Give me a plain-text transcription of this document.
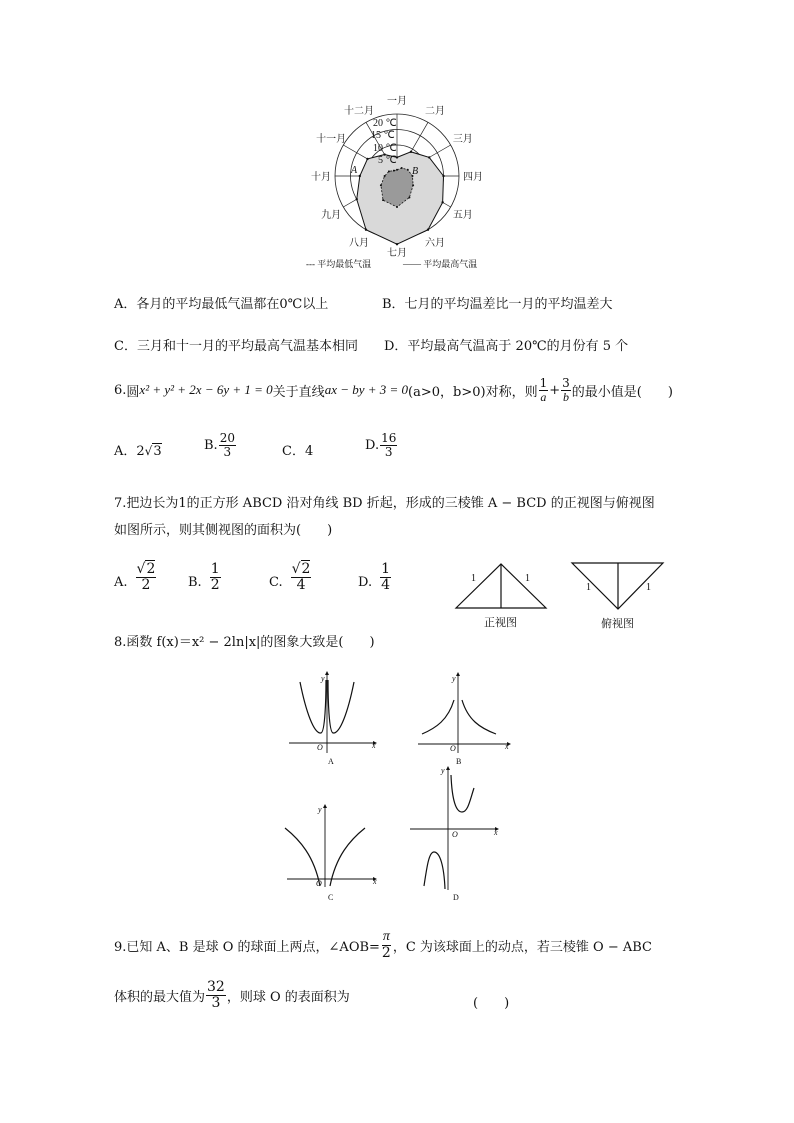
一月
二月
三月
四月
五月
六月
七月
八月
九月
十月
十一月
十二月
20 ℃
15 ℃
10 ℃
5 ℃
A	B
--- 平均最低气温	—— 平均最高气温
A．各月的平均最低气温都在0℃以上	B．七月的平均温差比一月的平均温差大
C．三月和十一月的平均最高气温基本相同 D．平均最高气温高于 20℃的月份有 5 个
6. 圆 x² + y² + 2x − 6y + 1 = 0 关于直线 ax − by + 3 = 0 (a>0，b>0) 对称，则 $\frac{1}{a} + \frac{3}{b}$ 的最小值是(　　)
A．2√3	B. $\frac{20}{3}$	C．4	D. $\frac{16}{3}$
7.把边长为1的正方形 ABCD 沿对角线 BD 折起，形成的三棱锥 A − BCD 的正视图与俯视图
如图所示，则其侧视图的面积为(　　)
A. $\frac{√2}{2} B$. $\frac{1}{2}$	C. $\frac{√2}{4}$	D. $\frac{1}{4}$	1	1
1	1
正视图	俯视图
8.函数 f(x)＝x² − 2ln|x|的图象大致是(　　)
y
x
O
A
y
x
O
B
y
x
O
C
y
x
O
D
9.已知 A、B 是球 O 的球面上两点，∠AOB= $\frac{\pi}{2}$ ，C 为该球面上的动点，若三棱锥 O − ABC
体积的最大值为 $\frac{32}{3}$ ，则球 O 的表面积为	(　　)
